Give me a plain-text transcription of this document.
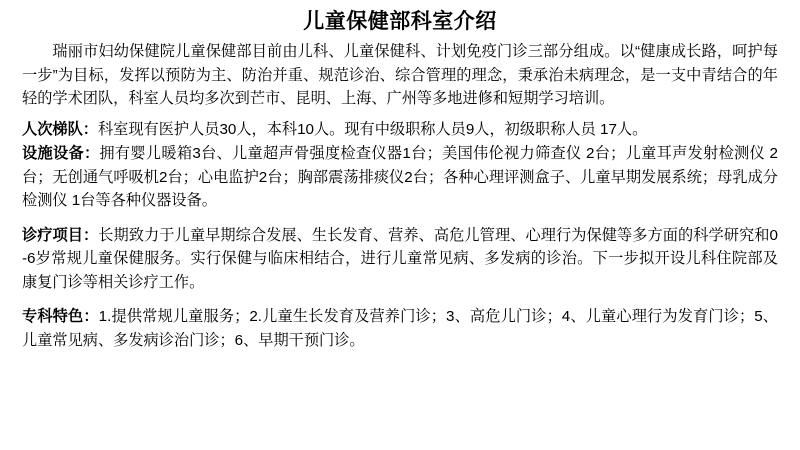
儿童保健部科室介绍

瑞丽市妇幼保健院儿童保健部目前由儿科、儿童保健科、计划免疫门诊三部分组成。以“健康成长路，呵护每一步”为目标，发挥以预防为主、防治并重、规范诊治、综合管理的理念，秉承治未病理念，是一支中青结合的年轻的学术团队，科室人员均多次到芒市、昆明、上海、广州等多地进修和短期学习培训。

人次梯队：科室现有医护人员30人，本科10人。现有中级职称人员9人，初级职称人员 17人。

设施设备：拥有婴儿暖箱3台、儿童超声骨强度检查仪器1台；美国伟伦视力筛查仪 2台；儿童耳声发射检测仪 2台；无创通气呼吸机2台；心电监护2台；胸部震荡排痰仪2台；各种心理评测盒子、儿童早期发展系统；母乳成分检测仪 1台等各种仪器设备。

诊疗项目：长期致力于儿童早期综合发展、生长发育、营养、高危儿管理、心理行为保健等多方面的科学研究和0-6岁常规儿童保健服务。实行保健与临床相结合，进行儿童常见病、多发病的诊治。下一步拟开设儿科住院部及康复门诊等相关诊疗工作。

专科特色：1.提供常规儿童服务；2.儿童生长发育及营养门诊；3、高危儿门诊；4、儿童心理行为发育门诊；5、儿童常见病、多发病诊治门诊；6、早期干预门诊。
